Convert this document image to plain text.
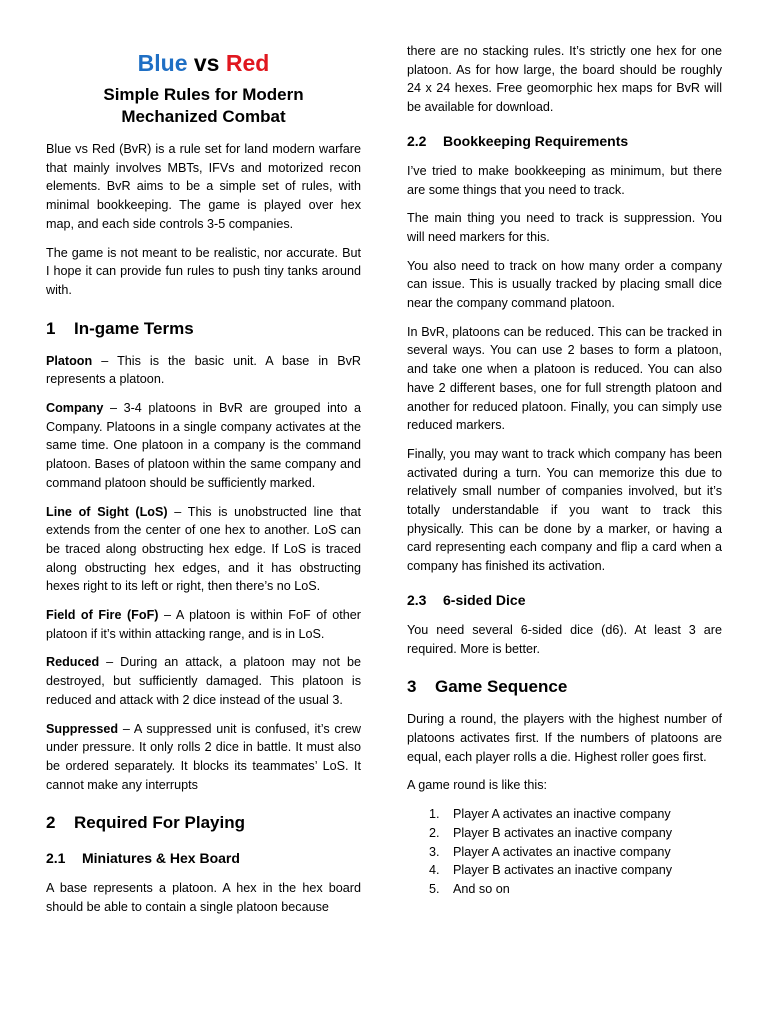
Blue vs Red
Simple Rules for Modern
Mechanized Combat

Blue vs Red (BvR) is a rule set for land modern warfare that mainly involves MBTs, IFVs and motorized recon elements. BvR aims to be a simple set of rules, with minimal bookkeeping. The game is played over hex map, and each side controls 3-5 companies.

The game is not meant to be realistic, nor accurate. But I hope it can provide fun rules to push tiny tanks around with.

1 In-game Terms

Platoon – This is the basic unit. A base in BvR represents a platoon.

Company – 3-4 platoons in BvR are grouped into a Company. Platoons in a single company activates at the same time. One platoon in a company is the command platoon. Bases of platoon within the same company and command platoon should be sufficiently marked.

Line of Sight (LoS) – This is unobstructed line that extends from the center of one hex to another. LoS can be traced along obstructing hex edge. If LoS is traced along obstructing hex edges, and it has obstructing hexes right to its left or right, then there’s no LoS.

Field of Fire (FoF) – A platoon is within FoF of other platoon if it’s within attacking range, and is in LoS.

Reduced – During an attack, a platoon may not be destroyed, but sufficiently damaged. This platoon is reduced and attack with 2 dice instead of the usual 3.

Suppressed – A suppressed unit is confused, it’s crew under pressure. It only rolls 2 dice in battle. It must also be ordered separately. It blocks its teammates’ LoS. It cannot make any interrupts

2 Required For Playing
2.1 Miniatures & Hex Board

A base represents a platoon. A hex in the hex board should be able to contain a single platoon because

there are no stacking rules. It’s strictly one hex for one platoon. As for how large, the board should be roughly 24 x 24 hexes. Free geomorphic hex maps for BvR will be available for download.

2.2 Bookkeeping Requirements

I’ve tried to make bookkeeping as minimum, but there are some things that you need to track.

The main thing you need to track is suppression. You will need markers for this.

You also need to track on how many order a company can issue. This is usually tracked by placing small dice near the company command platoon.

In BvR, platoons can be reduced. This can be tracked in several ways. You can use 2 bases to form a platoon, and take one when a platoon is reduced. You can also have 2 different bases, one for full strength platoon and another for reduced platoon. Finally, you can simply use reduced markers.

Finally, you may want to track which company has been activated during a turn. You can memorize this due to relatively small number of companies involved, but it’s totally understandable if you want to track this physically. This can be done by a marker, or having a card representing each company and flip a card when a company has finished its activation.

2.3 6-sided Dice

You need several 6-sided dice (d6). At least 3 are required. More is better.

3 Game Sequence

During a round, the players with the highest number of platoons activates first. If the numbers of platoons are equal, each player rolls a die. Highest roller goes first.

A game round is like this:

1. Player A activates an inactive company
2. Player B activates an inactive company
3. Player A activates an inactive company
4. Player B activates an inactive company
5. And so on
